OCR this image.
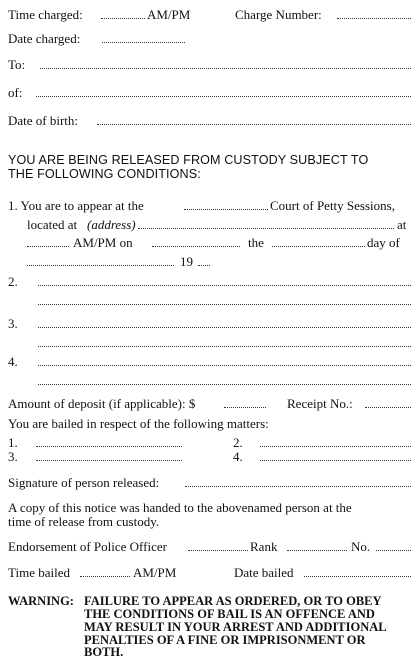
Time charged:	AM/PM	Charge Number:
Date charged:
To:
of:
Date of birth:
YOU ARE BEING RELEASED FROM CUSTODY SUBJECT TO
THE FOLLOWING CONDITIONS:
1. You are to appear at the	Court of Petty Sessions,
located at (address)	at
AM/PM on	the	day of
19
2.
3.
4.
Amount of deposit (if applicable): $	Receipt No.:
You are bailed in respect of the following matters:
1.	2.
3.	4.
Signature of person released:
A copy of this notice was handed to the abovenamed person at the
time of release from custody.
Endorsement of Police Officer	Rank	No.
Time bailed	AM/PM	Date bailed
WARNING: FAILURE TO APPEAR AS ORDERED, OR TO OBEY
THE CONDITIONS OF BAIL IS AN OFFENCE AND
MAY RESULT IN YOUR ARREST AND ADDITIONAL
PENALTIES OF A FINE OR IMPRISONMENT OR
BOTH.
